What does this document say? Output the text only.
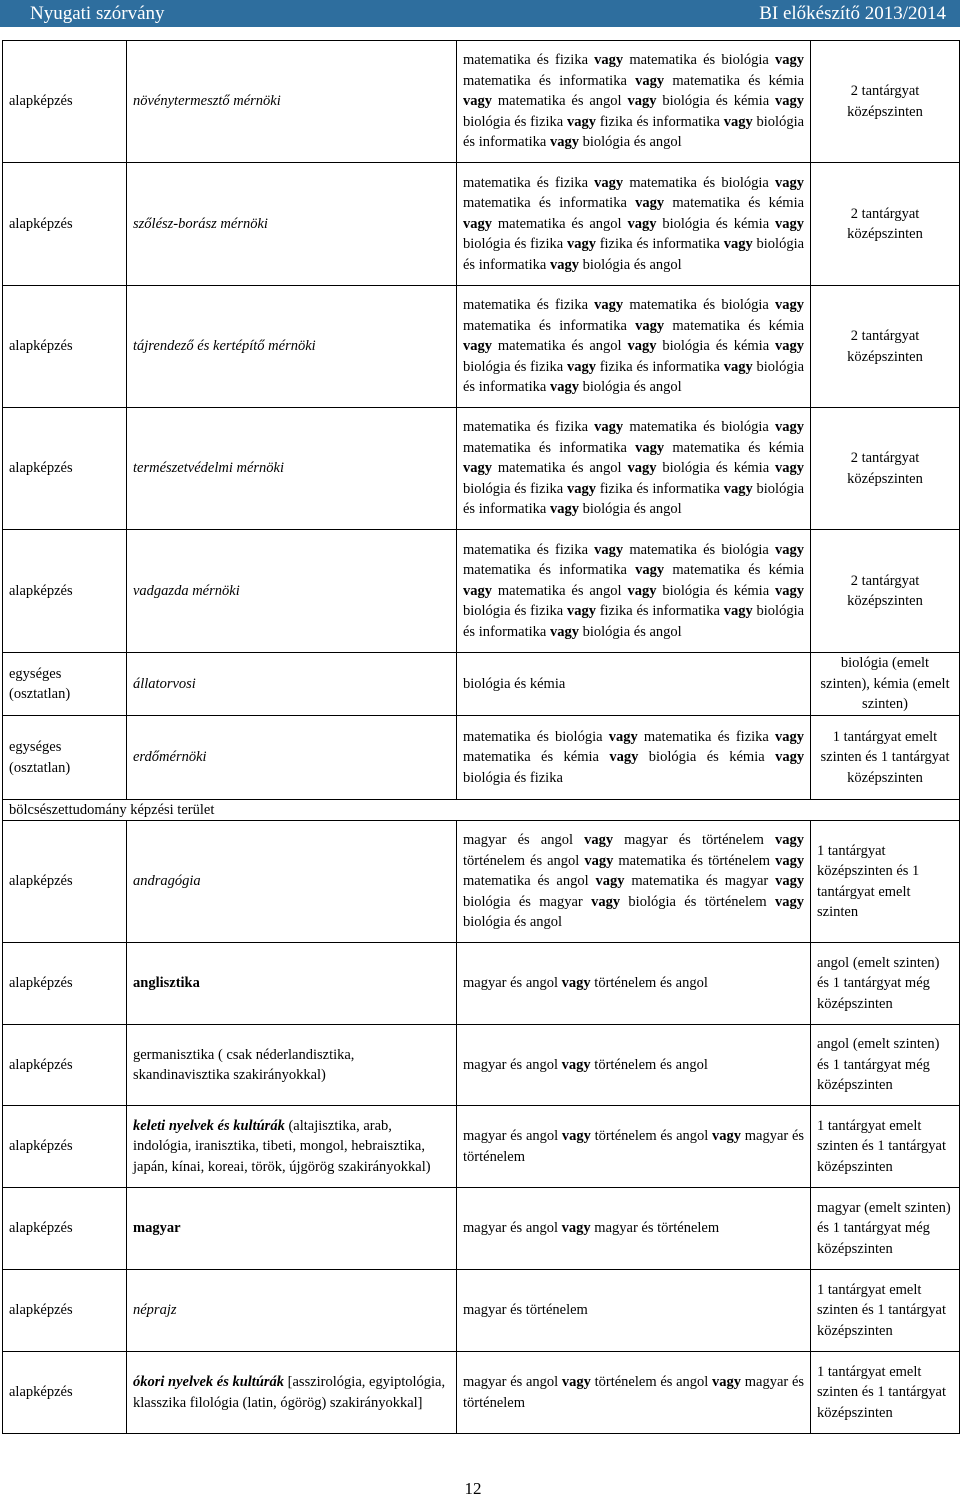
Nyugati szórvány	BI előkészítő 2013/2014
alapképzés	növénytermesztő mérnöki	matematika és fizika vagy matematika és biológia vagy matematika és informatika vagy matematika és kémia vagy matematika és angol vagy biológia és kémia vagy biológia és fizika vagy fizika és informatika vagy biológia és informatika vagy biológia és angol	2 tantárgyat középszinten
alapképzés	szőlész-borász mérnöki	matematika és fizika vagy matematika és biológia vagy matematika és informatika vagy matematika és kémia vagy matematika és angol vagy biológia és kémia vagy biológia és fizika vagy fizika és informatika vagy biológia és informatika vagy biológia és angol	2 tantárgyat középszinten
alapképzés	tájrendező és kertépítő mérnöki	matematika és fizika vagy matematika és biológia vagy matematika és informatika vagy matematika és kémia vagy matematika és angol vagy biológia és kémia vagy biológia és fizika vagy fizika és informatika vagy biológia és informatika vagy biológia és angol	2 tantárgyat középszinten
alapképzés	természetvédelmi mérnöki	matematika és fizika vagy matematika és biológia vagy matematika és informatika vagy matematika és kémia vagy matematika és angol vagy biológia és kémia vagy biológia és fizika vagy fizika és informatika vagy biológia és informatika vagy biológia és angol	2 tantárgyat középszinten
alapképzés	vadgazda mérnöki	matematika és fizika vagy matematika és biológia vagy matematika és informatika vagy matematika és kémia vagy matematika és angol vagy biológia és kémia vagy biológia és fizika vagy fizika és informatika vagy biológia és informatika vagy biológia és angol	2 tantárgyat középszinten
egységes (osztatlan)	állatorvosi	biológia és kémia	biológia (emelt szinten), kémia (emelt szinten)
egységes (osztatlan)	erdőmérnöki	matematika és biológia vagy matematika és fizika vagy matematika és kémia vagy biológia és kémia vagy biológia és fizika	1 tantárgyat emelt szinten és 1 tantárgyat középszinten
bölcsészettudomány képzési terület			
alapképzés	andragógia	magyar és angol vagy magyar és történelem vagy történelem és angol vagy matematika és történelem vagy matematika és angol vagy matematika és magyar vagy biológia és magyar vagy biológia és történelem vagy biológia és angol	1 tantárgyat középszinten és 1 tantárgyat emelt szinten
alapképzés	anglisztika	magyar és angol vagy történelem és angol	angol (emelt szinten) és 1 tantárgyat még középszinten
alapképzés	germanisztika ( csak néderlandisztika, skandinavisztika szakirányokkal)	magyar és angol vagy történelem és angol	angol (emelt szinten) és 1 tantárgyat még középszinten
alapképzés	keleti nyelvek és kultúrák (altajisztika, arab, indológia, iranisztika, tibeti, mongol, hebraisztika, japán, kínai, koreai, török, újgörög szakirányokkal)	magyar és angol vagy történelem és angol vagy magyar és történelem	1 tantárgyat emelt szinten és 1 tantárgyat középszinten
alapképzés	magyar	magyar és angol vagy magyar és történelem	magyar (emelt szinten) és 1 tantárgyat még középszinten
alapképzés	néprajz	magyar és történelem	1 tantárgyat emelt szinten és 1 tantárgyat középszinten
alapképzés	ókori nyelvek és kultúrák [asszirológia, egyiptológia, klasszika filológia (latin, ógörög) szakirányokkal]	magyar és angol vagy történelem és angol vagy magyar és történelem	1 tantárgyat emelt szinten és 1 tantárgyat középszinten
12
